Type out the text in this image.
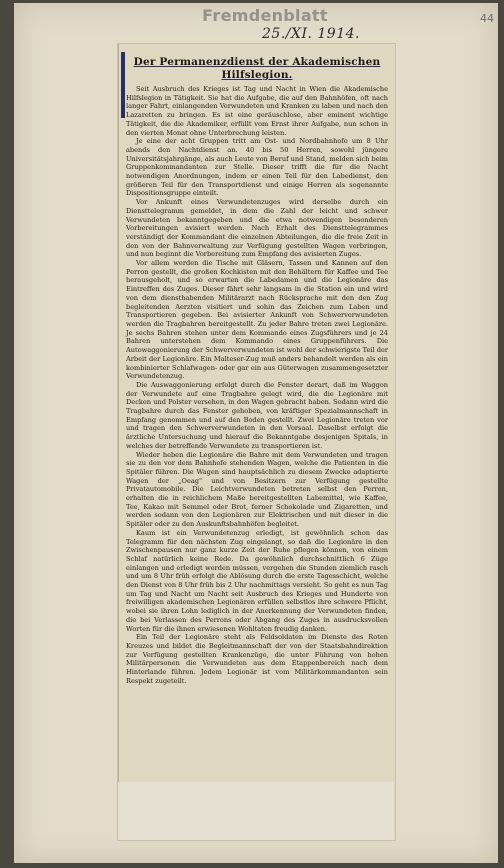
Fremdenblatt	44
25./XI. 1914.
Der Permanenzdienst der Akademischen Hilfslegion.

Seit Ausbruch des Krieges ist Tag und Nacht in Wien die Akademische Hilfslegion in Tätigkeit. Sie hat die Aufgabe, die auf den Bahnhöfen, oft nach langer Fahrt, einlangenden Verwundeten und Kranken zu laben und nach den Lazaretten zu bringen. Es ist eine geräuschlose, aber eminent wichtige Tätigkeit, die die Akademiker, erfüllt vom Ernst ihrer Aufgabe, nun schon in den vierten Monat ohne Unterbrechung leisten.

Je eine der acht Gruppen tritt am Ost- und Nordbahnhofe um 8 Uhr abends den Nachtdienst an. 40 bis 50 Herren, sowohl jüngere Universitätsjahrgänge, als auch Leute von Beruf und Stand, melden sich beim Gruppenkommandanten zur Stelle. Dieser trifft die für die Nacht notwendigen Anordnungen, indem er einen Teil für den Labedienst, den größeren Teil für den Transportdienst und einige Herren als sogenannte Dispositionsgruppe einteilt.

Vor Ankunft eines Verwundetenzuges wird derselbe durch ein Diensttelegramm gemeldet, in dem die Zahl der leicht und schwer Verwundeten bekanntgegeben und die etwa notwendigen besonderen Vorbereitungen avisiert werden. Nach Erhalt des Diensttelegrammes verständigt der Kommandant die einzelnen Abteilungen, die die freie Zeit in den von der Bahnverwaltung zur Verfügung gestellten Wagen verbringen, und nun beginnt die Vorbereitung zum Empfang des avisierten Zuges.

Vor allem werden die Tische mit Gläsern, Tassen und Kannen auf den Perron gestellt, die großen Kochkisten mit den Behältern für Kaffee und Tee herausgeholt, und so erwarten die Labedamen und die Legionäre das Eintreffen des Zuges. Dieser fährt sehr langsam in die Station ein und wird von dem diensthabenden Militärarzt nach Rücksprache mit den den Zug begleitenden Aerzten visitiert und sohin das Zeichen zum Laben und Transportieren gegeben. Bei avisierter Ankunft von Schwerverwundeten werden die Tragbahren bereitgestellt. Zu jeder Bahre treten zwei Legionäre. Je sechs Bahren stehen unter dem Kommando eines Zugsführers und je 24 Bahren unterstehen dem Kommando eines Gruppenführers. Die Autowaggonierung der Schwerverwundeten ist wohl der schwierigste Teil der Arbeit der Legionäre. Ein Malteser-Zug muß anders behandelt werden als ein kombinierter Schlafwagen- oder gar ein aus Güterwagen zusammengesetzter Verwundetenzug.

Die Auswaggonierung erfolgt durch die Fenster derart, daß im Waggon der Verwundete auf eine Tragbahre gelegt wird, die die Legionäre mit Decken und Polster versehen, in den Wagen gebracht haben. Sodann wird die Tragbahre durch das Fenster gehoben, von kräftiger Spezialmannschaft in Empfang genommen und auf den Boden gestellt. Zwei Legionäre treten vor und tragen den Schwerverwundeten in den Vorsaal. Daselbst erfolgt die ärztliche Untersuchung und hierauf die Bekanntgabe desjenigen Spitals, in welches der betreffende Verwundete zu transportieren ist.

Wieder heben die Legionäre die Bahre mit dem Verwundeten und tragen sie zu den vor dem Bahnhofe stehenden Wagen, welche die Patienten in die Spitäler führen. Die Wagen sind hauptsächlich zu diesem Zwecke adaptierte Wagen der „Oeag" und von Besitzern zur Verfügung gestellte Privatautomobile. Die Leichtverwundeten betreten selbst den Perron, erhalten die in reichlichem Maße bereitgestellten Labemittel, wie Kaffee, Tee, Kakao mit Semmel oder Brot, ferner Schokolade und Zigaretten, und werden sodann von den Legionären zur Elektrischen und mit dieser in die Spitäler oder zu den Auskunftsbahnhöfen begleitet.

Kaum ist ein Verwundetenzug erledigt, ist gewöhnlich schon das Telegramm für den nächsten Zug eingelangt, so daß die Legionäre in den Zwischenpausen nur ganz kurze Zeit der Ruhe pflegen können, von einem Schlaf natürlich keine Rede. Da gewöhnlich durchschnittlich 6 Züge einlangen und erledigt werden müssen, vergehen die Stunden ziemlich rasch und um 8 Uhr früh erfolgt die Ablösung durch die erste Tagesschicht, welche den Dienst von 8 Uhr früh bis 2 Uhr nachmittags versieht. So geht es nun Tag um Tag und Nacht um Nacht seit Ausbruch des Krieges und Hunderte von freiwilligen akademischen Legionären erfüllen selbstlos ihre schwere Pflicht, wobei sie ihren Lohn lediglich in der Anerkennung der Verwundeten finden, die bei Verlassen des Perrons oder Abgang des Zuges in ausdrucksvollen Worten für die ihnen erwiesenen Wohltaten freudig danken.

Ein Teil der Legionäre steht als Feldsoldaten im Dienste des Roten Kreuzes und bildet die Begleitmannschaft der von der Staatsbahndirektion zur Verfügung gestellten Krankenzüge, die unter Führung von hohen Militärpersonen die Verwundeten aus dem Etappenbereich nach dem Hinterlande führen. Jedem Legionär ist vom Militärkommandanten sein Respekt zugeteilt.
